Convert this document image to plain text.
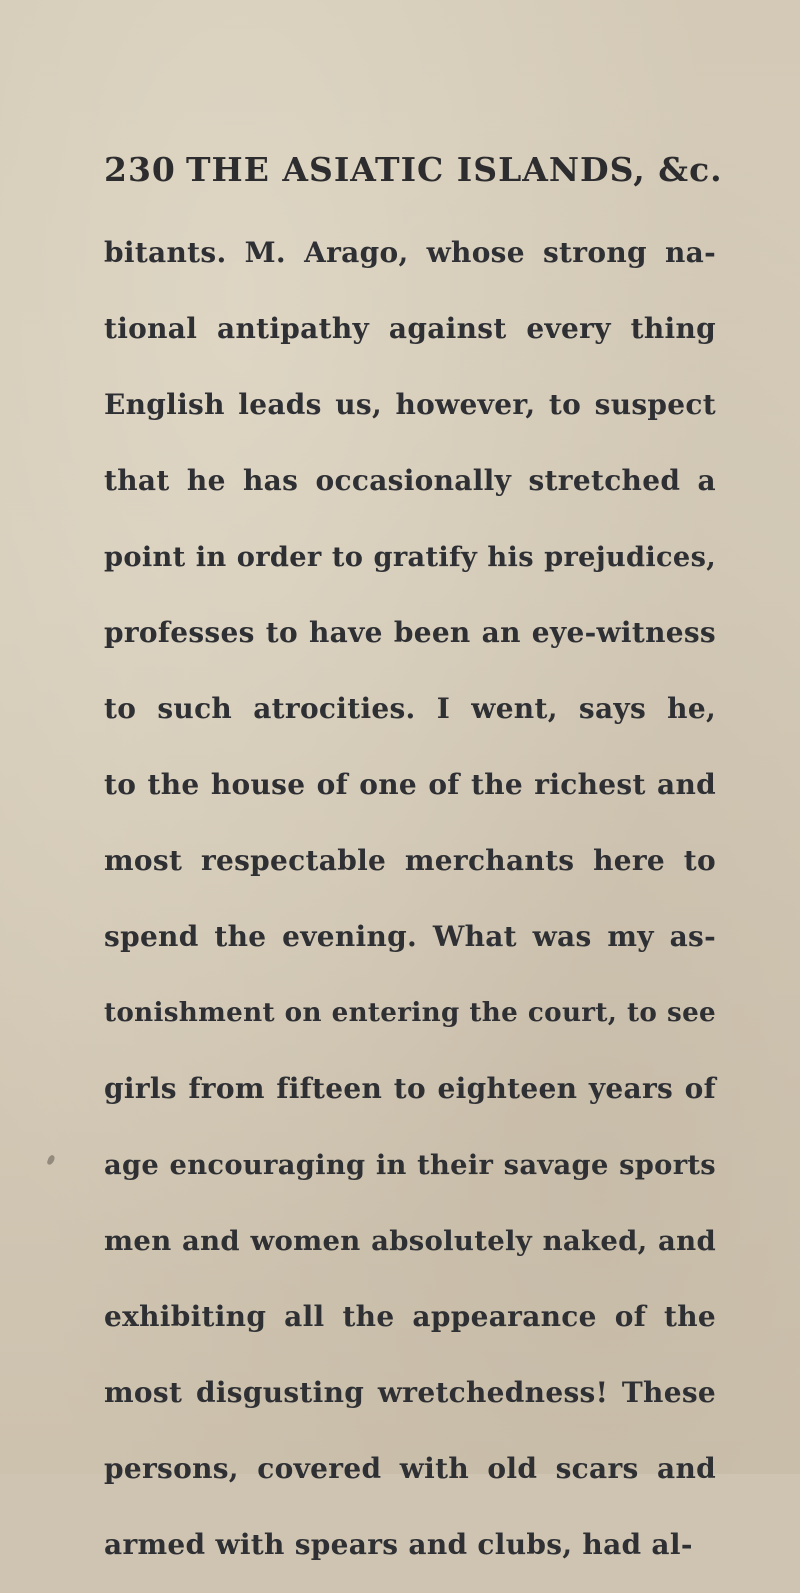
230 THE ASIATIC ISLANDS, &c.
bitants. M. Arago, whose strong na-
tional antipathy against every thing
English leads us, however, to suspect
that he has occasionally stretched a
point in order to gratify his prejudices,
professes to have been an eye-witness
to such atrocities. I went, says he,
to the house of one of the richest and
most respectable merchants here to
spend the evening. What was my as-
tonishment on entering the court, to see
girls from fifteen to eighteen years of
age encouraging in their savage sports
men and women absolutely naked, and
exhibiting all the appearance of the
most disgusting wretchedness! These
persons, covered with old scars and
armed with spears and clubs, had al-
